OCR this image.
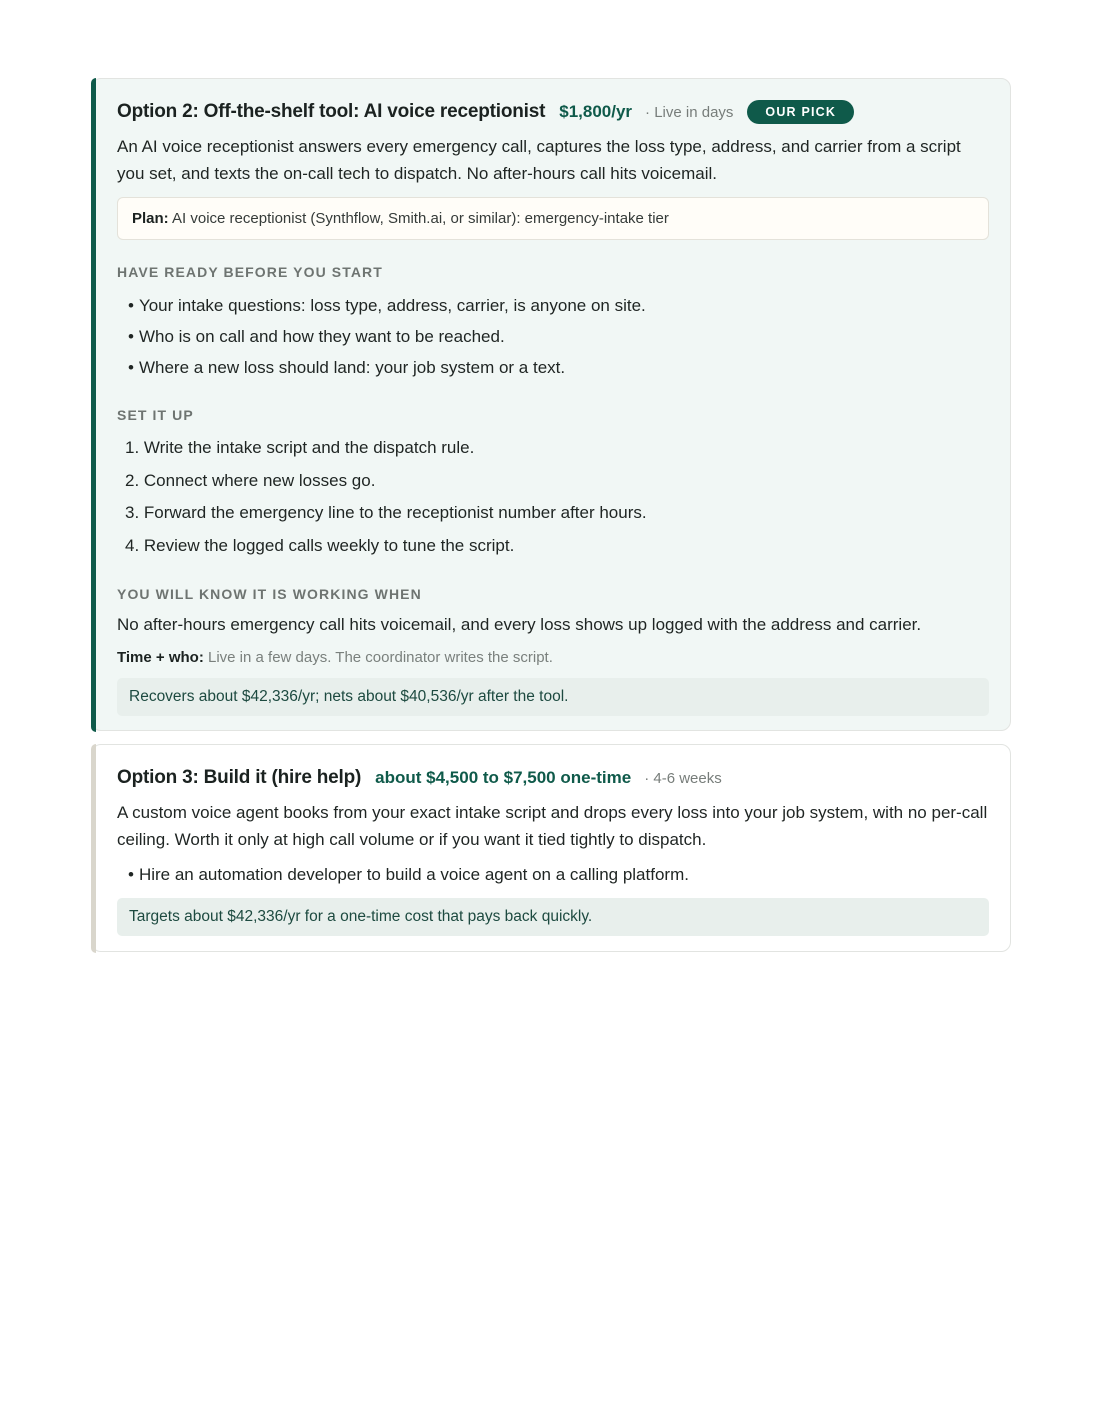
Option 2: Off-the-shelf tool: AI voice receptionist $1,800/yr · Live in days	OUR PICK
An AI voice receptionist answers every emergency call, captures the loss type, address, and carrier from a script you set, and texts the on-call tech to dispatch. No after-hours call hits voicemail.
Plan: AI voice receptionist (Synthflow, Smith.ai, or similar): emergency-intake tier
HAVE READY BEFORE YOU START
• Your intake questions: loss type, address, carrier, is anyone on site.
• Who is on call and how they want to be reached.
• Where a new loss should land: your job system or a text.
SET IT UP
1. Write the intake script and the dispatch rule.
2. Connect where new losses go.
3. Forward the emergency line to the receptionist number after hours.
4. Review the logged calls weekly to tune the script.
YOU WILL KNOW IT IS WORKING WHEN
No after-hours emergency call hits voicemail, and every loss shows up logged with the address and carrier.
Time + who: Live in a few days. The coordinator writes the script.
Recovers about $42,336/yr; nets about $40,536/yr after the tool.
Option 3: Build it (hire help) about $4,500 to $7,500 one-time · 4-6 weeks
A custom voice agent books from your exact intake script and drops every loss into your job system, with no per-call ceiling. Worth it only at high call volume or if you want it tied tightly to dispatch.
• Hire an automation developer to build a voice agent on a calling platform.
Targets about $42,336/yr for a one-time cost that pays back quickly.
